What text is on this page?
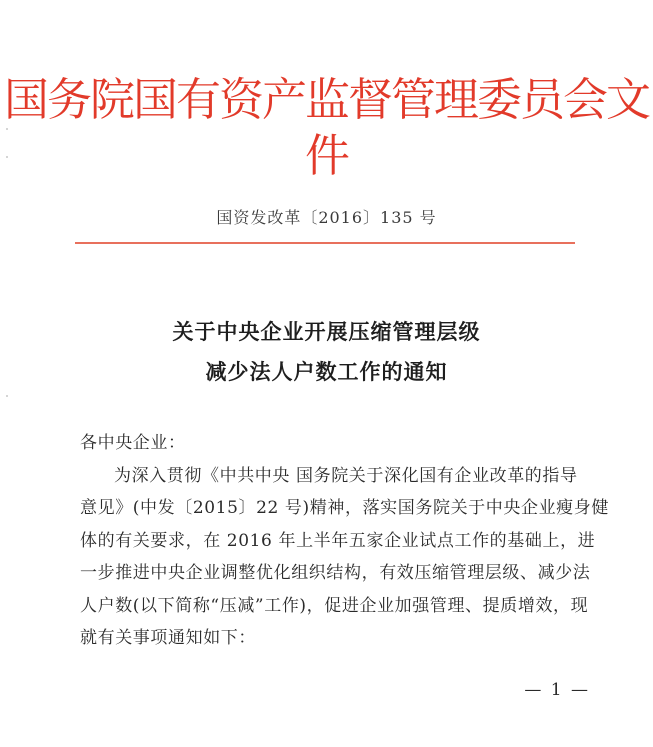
国务院国有资产监督管理委员会文件
国资发改革〔2016〕135 号
关于中央企业开展压缩管理层级
减少法人户数工作的通知
各中央企业：
为深入贯彻《中共中央 国务院关于深化国有企业改革的指导
意见》(中发〔2015〕22 号)精神，落实国务院关于中央企业瘦身健
体的有关要求，在 2016 年上半年五家企业试点工作的基础上，进
一步推进中央企业调整优化组织结构，有效压缩管理层级、减少法
人户数(以下简称“压减”工作)，促进企业加强管理、提质增效，现
就有关事项通知如下：
— 1 —
